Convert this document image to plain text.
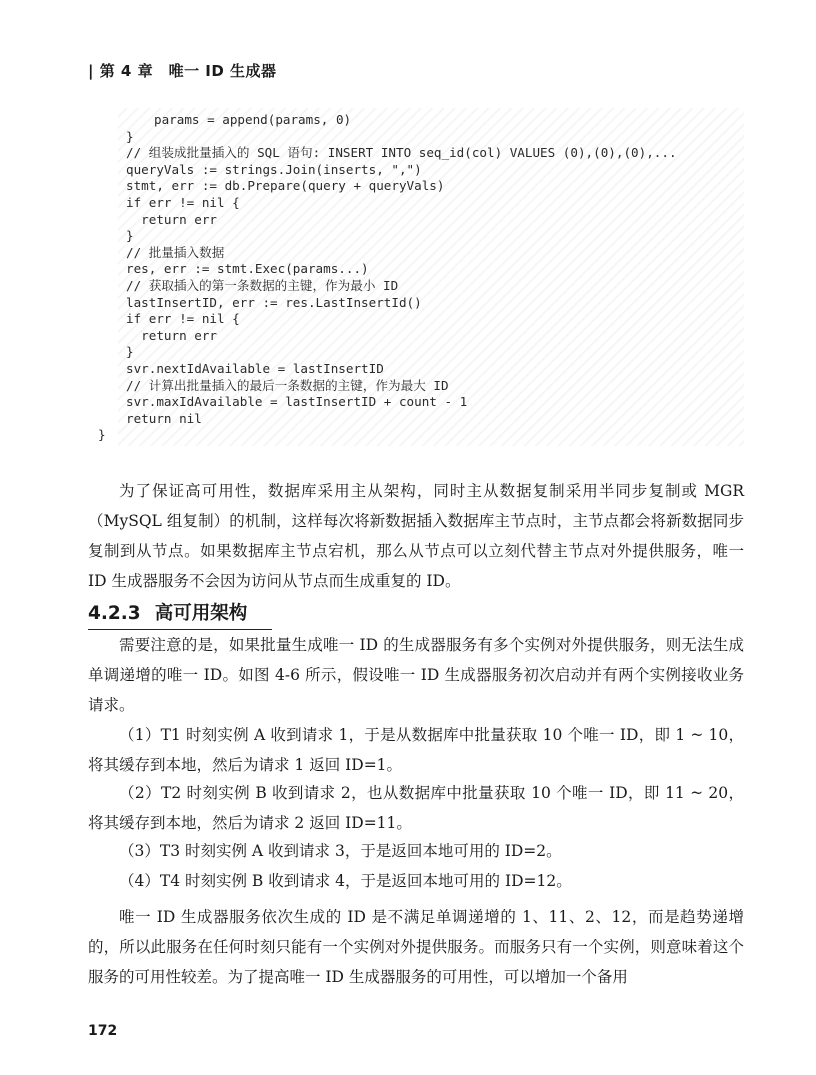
| 第 4 章　唯一 ID 生成器
params = append(params, 0)
}
// 组装成批量插入的 SQL 语句: INSERT INTO seq_id(col) VALUES (0),(0),(0),...
queryVals := strings.Join(inserts, ",")
stmt, err := db.Prepare(query + queryVals)
if err != nil {
return err
}
// 批量插入数据
res, err := stmt.Exec(params...)
// 获取插入的第一条数据的主键，作为最小 ID
lastInsertID, err := res.LastInsertId()
if err != nil {
return err
}
svr.nextIdAvailable = lastInsertID
// 计算出批量插入的最后一条数据的主键，作为最大 ID
svr.maxIdAvailable = lastInsertID + count - 1
return nil
}
为了保证高可用性，数据库采用主从架构，同时主从数据复制采用半同步复制或 MGR（MySQL 组复制）的机制，这样每次将新数据插入数据库主节点时，主节点都会将新数据同步复制到从节点。如果数据库主节点宕机，那么从节点可以立刻代替主节点对外提供服务，唯一 ID 生成器服务不会因为访问从节点而生成重复的 ID。
4.2.3 高可用架构
需要注意的是，如果批量生成唯一 ID 的生成器服务有多个实例对外提供服务，则无法生成单调递增的唯一 ID。如图 4-6 所示，假设唯一 ID 生成器服务初次启动并有两个实例接收业务请求。
（1）T1 时刻实例 A 收到请求 1，于是从数据库中批量获取 10 个唯一 ID，即 1 ~ 10，将其缓存到本地，然后为请求 1 返回 ID=1。
（2）T2 时刻实例 B 收到请求 2，也从数据库中批量获取 10 个唯一 ID，即 11 ~ 20，将其缓存到本地，然后为请求 2 返回 ID=11。
（3）T3 时刻实例 A 收到请求 3，于是返回本地可用的 ID=2。
（4）T4 时刻实例 B 收到请求 4，于是返回本地可用的 ID=12。
唯一 ID 生成器服务依次生成的 ID 是不满足单调递增的 1、11、2、12，而是趋势递增的，所以此服务在任何时刻只能有一个实例对外提供服务。而服务只有一个实例，则意味着这个服务的可用性较差。为了提高唯一 ID 生成器服务的可用性，可以增加一个备用
172
